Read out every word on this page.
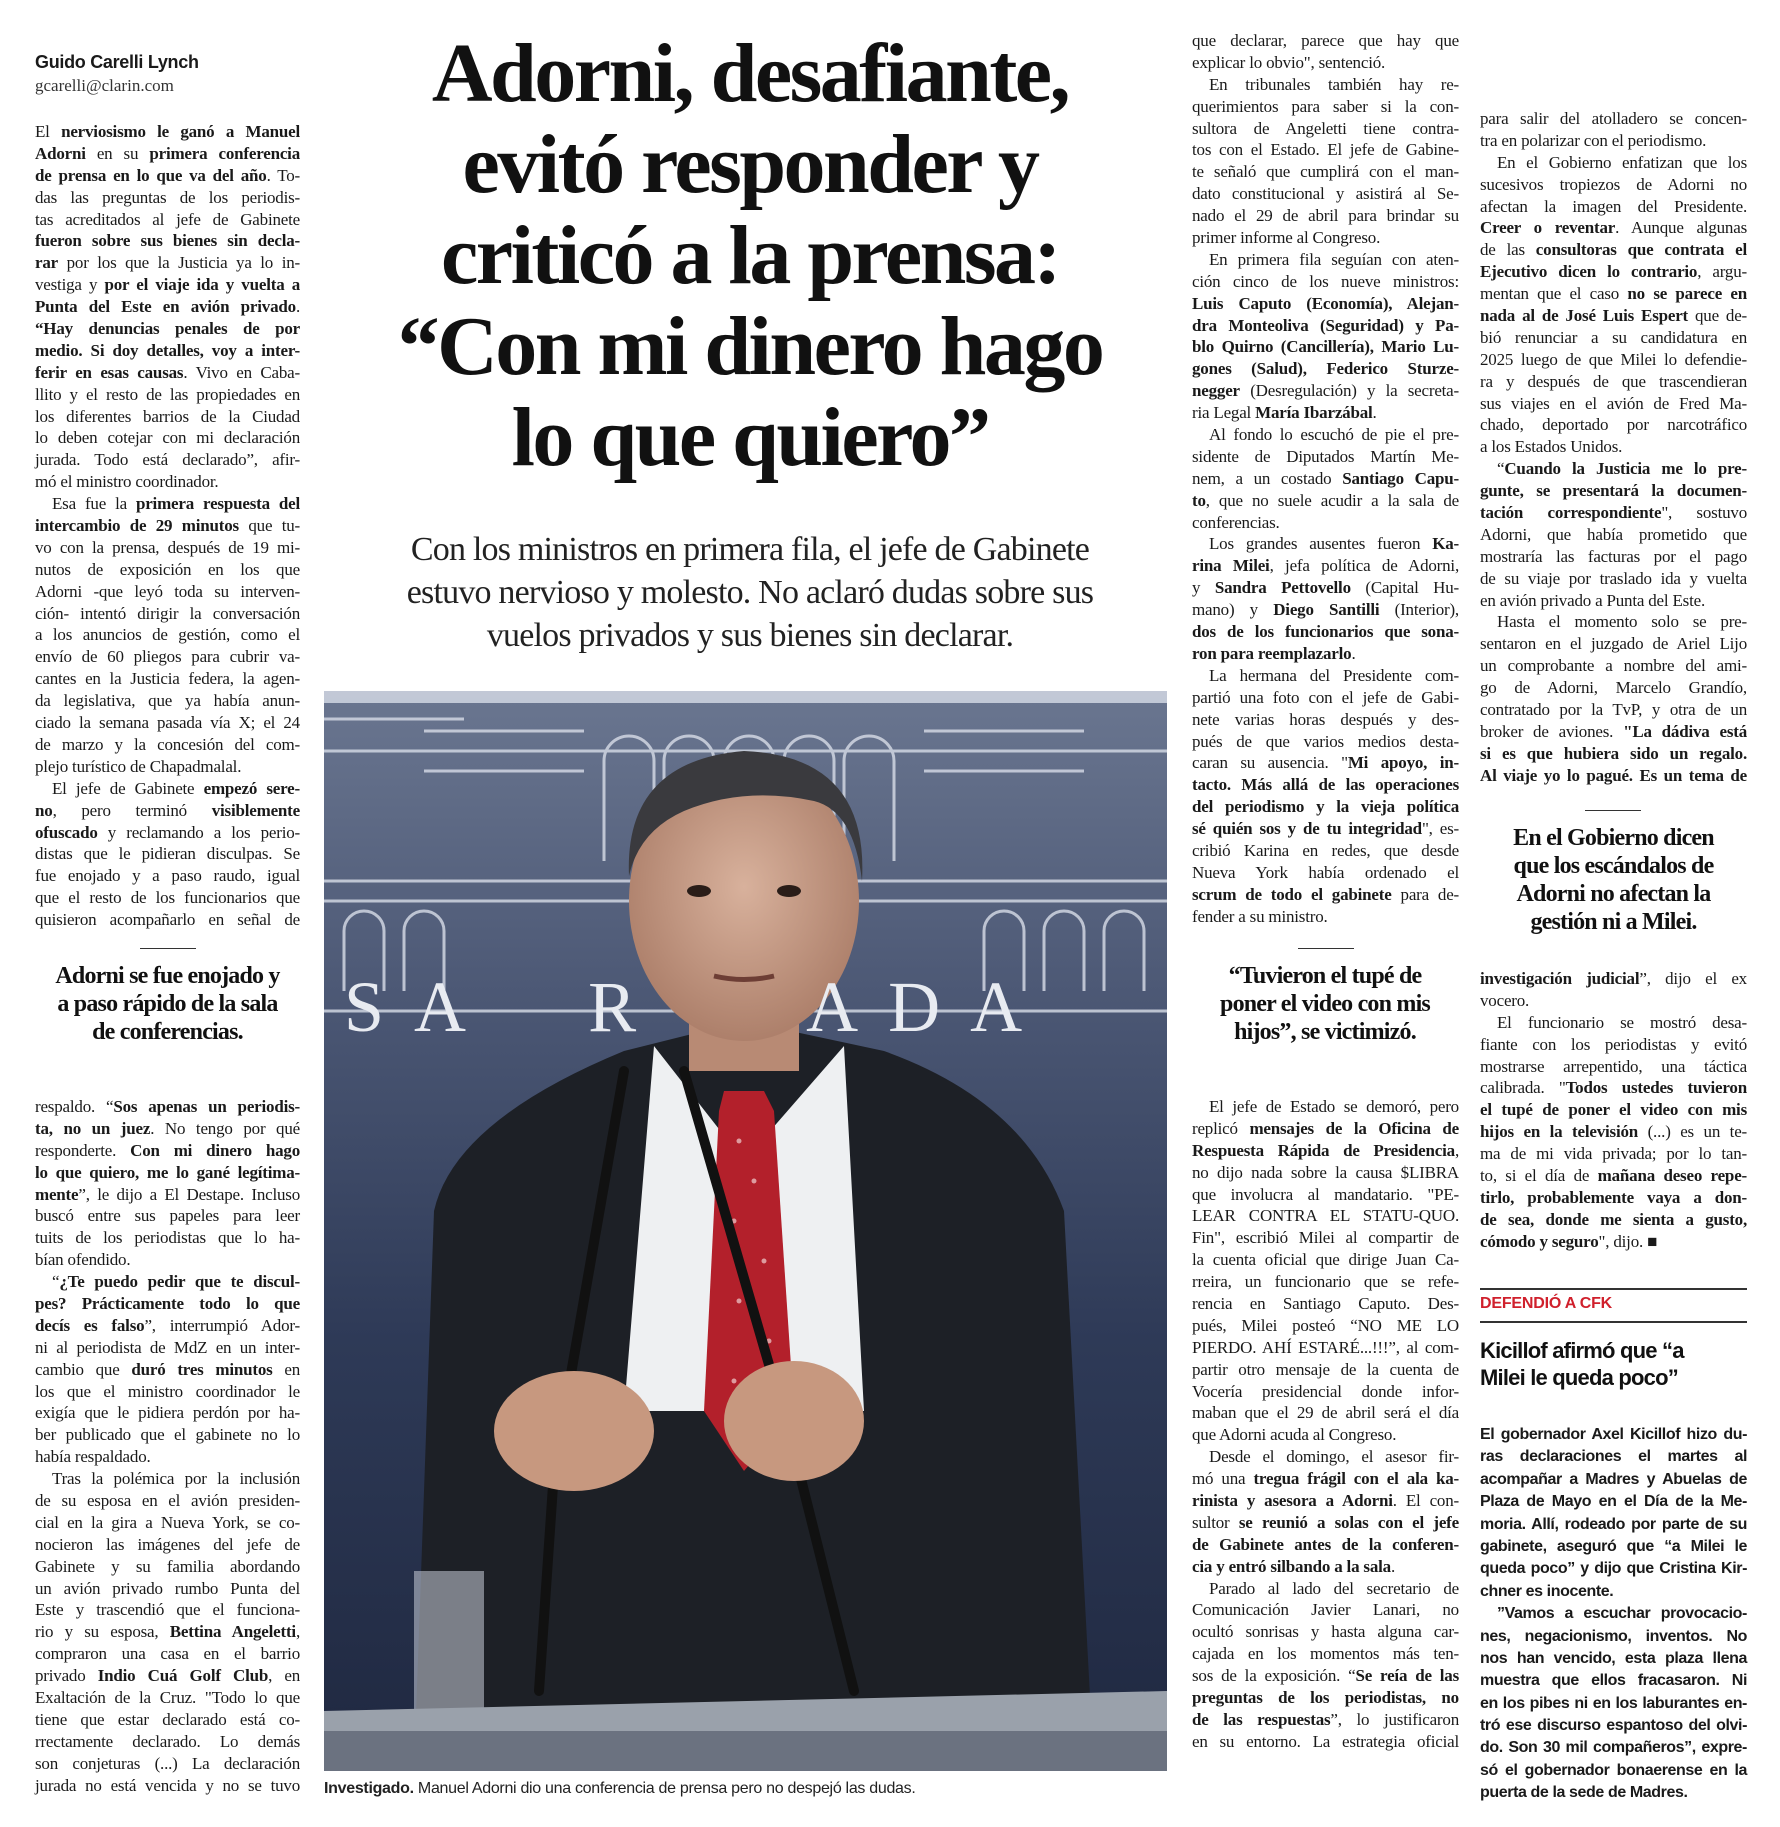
Guido Carelli Lynch
gcarelli@clarin.com
El nerviosismo le ganó a Manuel
Adorni en su primera conferencia
de prensa en lo que va del año. To-
das las preguntas de los periodis-
tas acreditados al jefe de Gabinete
fueron sobre sus bienes sin decla-
rar por los que la Justicia ya lo in-
vestiga y por el viaje ida y vuelta a
Punta del Este en avión privado.
“Hay denuncias penales de por
medio. Si doy detalles, voy a inter-
ferir en esas causas. Vivo en Caba-
llito y el resto de las propiedades en
los diferentes barrios de la Ciudad
lo deben cotejar con mi declaración
jurada. Todo está declarado”, afir-
mó el ministro coordinador.
Esa fue la primera respuesta del
intercambio de 29 minutos que tu-
vo con la prensa, después de 19 mi-
nutos de exposición en los que
Adorni -que leyó toda su interven-
ción- intentó dirigir la conversación
a los anuncios de gestión, como el
envío de 60 pliegos para cubrir va-
cantes en la Justicia federa, la agen-
da legislativa, que ya había anun-
ciado la semana pasada vía X; el 24
de marzo y la concesión del com-
plejo turístico de Chapadmalal.
El jefe de Gabinete empezó sere-
no, pero terminó visiblemente
ofuscado y reclamando a los perio-
distas que le pidieran disculpas. Se
fue enojado y a paso raudo, igual
que el resto de los funcionarios que
quisieron acompañarlo en señal de
Adorni se fue enojado y
a paso rápido de la sala
de conferencias.
respaldo. “Sos apenas un periodis-
ta, no un juez. No tengo por qué
responderte. Con mi dinero hago
lo que quiero, me lo gané legítima-
mente”, le dijo a El Destape. Incluso
buscó entre sus papeles para leer
tuits de los periodistas que lo ha-
bían ofendido.
“¿Te puedo pedir que te discul-
pes? Prácticamente todo lo que
decís es falso”, interrumpió Ador-
ni al periodista de MdZ en un inter-
cambio que duró tres minutos en
los que el ministro coordinador le
exigía que le pidiera perdón por ha-
ber publicado que el gabinete no lo
había respaldado.
Tras la polémica por la inclusión
de su esposa en el avión presiden-
cial en la gira a Nueva York, se co-
nocieron las imágenes del jefe de
Gabinete y su familia abordando
un avión privado rumbo Punta del
Este y trascendió que el funciona-
rio y su esposa, Bettina Angeletti,
compraron una casa en el barrio
privado Indio Cuá Golf Club, en
Exaltación de la Cruz. "Todo lo que
tiene que estar declarado está co-
rrectamente declarado. Lo demás
son conjeturas (...) La declaración
jurada no está vencida y no se tuvo
Adorni, desafiante,
evitó responder y
criticó a la prensa:
“Con mi dinero hago
lo que quiero”
Con los ministros en primera fila, el jefe de Gabinete
estuvo nervioso y molesto. No aclaró dudas sobre sus
vuelos privados y sus bienes sin declarar.
SA  R   ADA
Investigado. Manuel Adorni dio una conferencia de prensa pero no despejó las dudas.
que declarar, parece que hay que
explicar lo obvio", sentenció.
En tribunales también hay re-
querimientos para saber si la con-
sultora de Angeletti tiene contra-
tos con el Estado. El jefe de Gabine-
te señaló que cumplirá con el man-
dato constitucional y asistirá al Se-
nado el 29 de abril para brindar su
primer informe al Congreso.
En primera fila seguían con aten-
ción cinco de los nueve ministros:
Luis Caputo (Economía), Alejan-
dra Monteoliva (Seguridad) y Pa-
blo Quirno (Cancillería), Mario Lu-
gones (Salud), Federico Sturze-
negger (Desregulación) y la secreta-
ria Legal María Ibarzábal.
Al fondo lo escuchó de pie el pre-
sidente de Diputados Martín Me-
nem, a un costado Santiago Capu-
to, que no suele acudir a la sala de
conferencias.
Los grandes ausentes fueron Ka-
rina Milei, jefa política de Adorni,
y Sandra Pettovello (Capital Hu-
mano) y Diego Santilli (Interior),
dos de los funcionarios que sona-
ron para reemplazarlo.
La hermana del Presidente com-
partió una foto con el jefe de Gabi-
nete varias horas después y des-
pués de que varios medios desta-
caran su ausencia. "Mi apoyo, in-
tacto. Más allá de las operaciones
del periodismo y la vieja política
sé quién sos y de tu integridad", es-
cribió Karina en redes, que desde
Nueva York había ordenado el
scrum de todo el gabinete para de-
fender a su ministro.
“Tuvieron el tupé de
poner el video con mis
hijos”, se victimizó.
El jefe de Estado se demoró, pero
replicó mensajes de la Oficina de
Respuesta Rápida de Presidencia,
no dijo nada sobre la causa $LIBRA
que involucra al mandatario. "PE-
LEAR CONTRA EL STATU-QUO.
Fin", escribió Milei al compartir de
la cuenta oficial que dirige Juan Ca-
rreira, un funcionario que se refe-
rencia en Santiago Caputo. Des-
pués, Milei posteó “NO ME LO
PIERDO. AHÍ ESTARÉ...!!!”, al com-
partir otro mensaje de la cuenta de
Vocería presidencial donde infor-
maban que el 29 de abril será el día
que Adorni acuda al Congreso.
Desde el domingo, el asesor fir-
mó una tregua frágil con el ala ka-
rinista y asesora a Adorni. El con-
sultor se reunió a solas con el jefe
de Gabinete antes de la conferen-
cia y entró silbando a la sala.
Parado al lado del secretario de
Comunicación Javier Lanari, no
ocultó sonrisas y hasta alguna car-
cajada en los momentos más ten-
sos de la exposición. “Se reía de las
preguntas de los periodistas, no
de las respuestas”, lo justificaron
en su entorno. La estrategia oficial
para salir del atolladero se concen-
tra en polarizar con el periodismo.
En el Gobierno enfatizan que los
sucesivos tropiezos de Adorni no
afectan la imagen del Presidente.
Creer o reventar. Aunque algunas
de las consultoras que contrata el
Ejecutivo dicen lo contrario, argu-
mentan que el caso no se parece en
nada al de José Luis Espert que de-
bió renunciar a su candidatura en
2025 luego de que Milei lo defendie-
ra y después de que trascendieran
sus viajes en el avión de Fred Ma-
chado, deportado por narcotráfico
a los Estados Unidos.
“Cuando la Justicia me lo pre-
gunte, se presentará la documen-
tación correspondiente", sostuvo
Adorni, que había prometido que
mostraría las facturas por el pago
de su viaje por traslado ida y vuelta
en avión privado a Punta del Este.
Hasta el momento solo se pre-
sentaron en el juzgado de Ariel Lijo
un comprobante a nombre del ami-
go de Adorni, Marcelo Grandío,
contratado por la TvP, y otra de un
broker de aviones. "La dádiva está
si es que hubiera sido un regalo.
Al viaje yo lo pagué. Es un tema de
En el Gobierno dicen
que los escándalos de
Adorni no afectan la
gestión ni a Milei.
investigación judicial”, dijo el ex
vocero.
El funcionario se mostró desa-
fiante con los periodistas y evitó
mostrarse arrepentido, una táctica
calibrada. "Todos ustedes tuvieron
el tupé de poner el video con mis
hijos en la televisión (...) es un te-
ma de mi vida privada; por lo tan-
to, si el día de mañana deseo repe-
tirlo, probablemente vaya a don-
de sea, donde me sienta a gusto,
cómodo y seguro", dijo. ■
DEFENDIÓ A CFK
Kicillof afirmó que “a
Milei le queda poco”
El gobernador Axel Kicillof hizo du-
ras declaraciones el martes al
acompañar a Madres y Abuelas de
Plaza de Mayo en el Día de la Me-
moria. Allí, rodeado por parte de su
gabinete, aseguró que “a Milei le
queda poco” y dijo que Cristina Kir-
chner es inocente.
”Vamos a escuchar provocacio-
nes, negacionismo, inventos. No
nos han vencido, esta plaza llena
muestra que ellos fracasaron. Ni
en los pibes ni en los laburantes en-
tró ese discurso espantoso del olvi-
do. Son 30 mil compañeros”, expre-
só el gobernador bonaerense en la
puerta de la sede de Madres.
